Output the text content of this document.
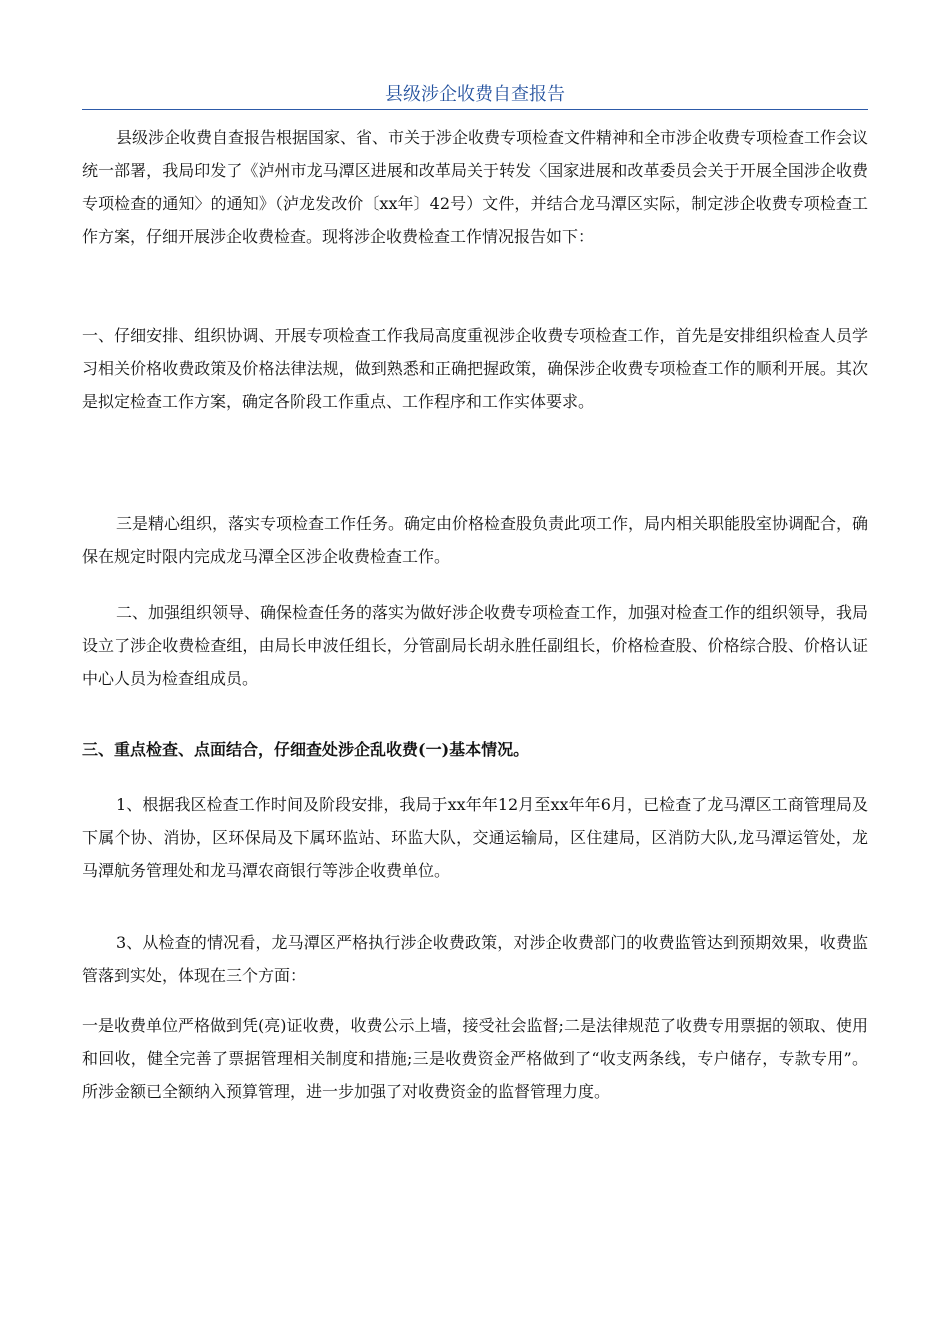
县级涉企收费自查报告

县级涉企收费自查报告根据国家、省、市关于涉企收费专项检查文件精神和全市涉企收费专项检查工作会议统一部署，我局印发了《泸州市龙马潭区进展和改革局关于转发〈国家进展和改革委员会关于开展全国涉企收费专项检查的通知〉的通知》（泸龙发改价〔xx年〕42号）文件，并结合龙马潭区实际，制定涉企收费专项检查工作方案，仔细开展涉企收费检查。现将涉企收费检查工作情况报告如下：

一、仔细安排、组织协调、开展专项检查工作我局高度重视涉企收费专项检查工作，首先是安排组织检查人员学习相关价格收费政策及价格法律法规，做到熟悉和正确把握政策，确保涉企收费专项检查工作的顺利开展。其次是拟定检查工作方案，确定各阶段工作重点、工作程序和工作实体要求。

三是精心组织，落实专项检查工作任务。确定由价格检查股负责此项工作，局内相关职能股室协调配合，确保在规定时限内完成龙马潭全区涉企收费检查工作。

二、加强组织领导、确保检查任务的落实为做好涉企收费专项检查工作，加强对检查工作的组织领导，我局设立了涉企收费检查组，由局长申波任组长，分管副局长胡永胜任副组长，价格检查股、价格综合股、价格认证中心人员为检查组成员。

三、重点检查、点面结合，仔细查处涉企乱收费(一)基本情况。

1、根据我区检查工作时间及阶段安排，我局于xx年年12月至xx年年6月，已检查了龙马潭区工商管理局及下属个协、消协，区环保局及下属环监站、环监大队，交通运输局，区住建局，区消防大队,龙马潭运管处，龙马潭航务管理处和龙马潭农商银行等涉企收费单位。

3、从检查的情况看，龙马潭区严格执行涉企收费政策，对涉企收费部门的收费监管达到预期效果，收费监管落到实处，体现在三个方面：

一是收费单位严格做到凭(亮)证收费，收费公示上墙，接受社会监督;二是法律规范了收费专用票据的领取、使用和回收，健全完善了票据管理相关制度和措施;三是收费资金严格做到了“收支两条线，专户储存，专款专用”。所涉金额已全额纳入预算管理，进一步加强了对收费资金的监督管理力度。
